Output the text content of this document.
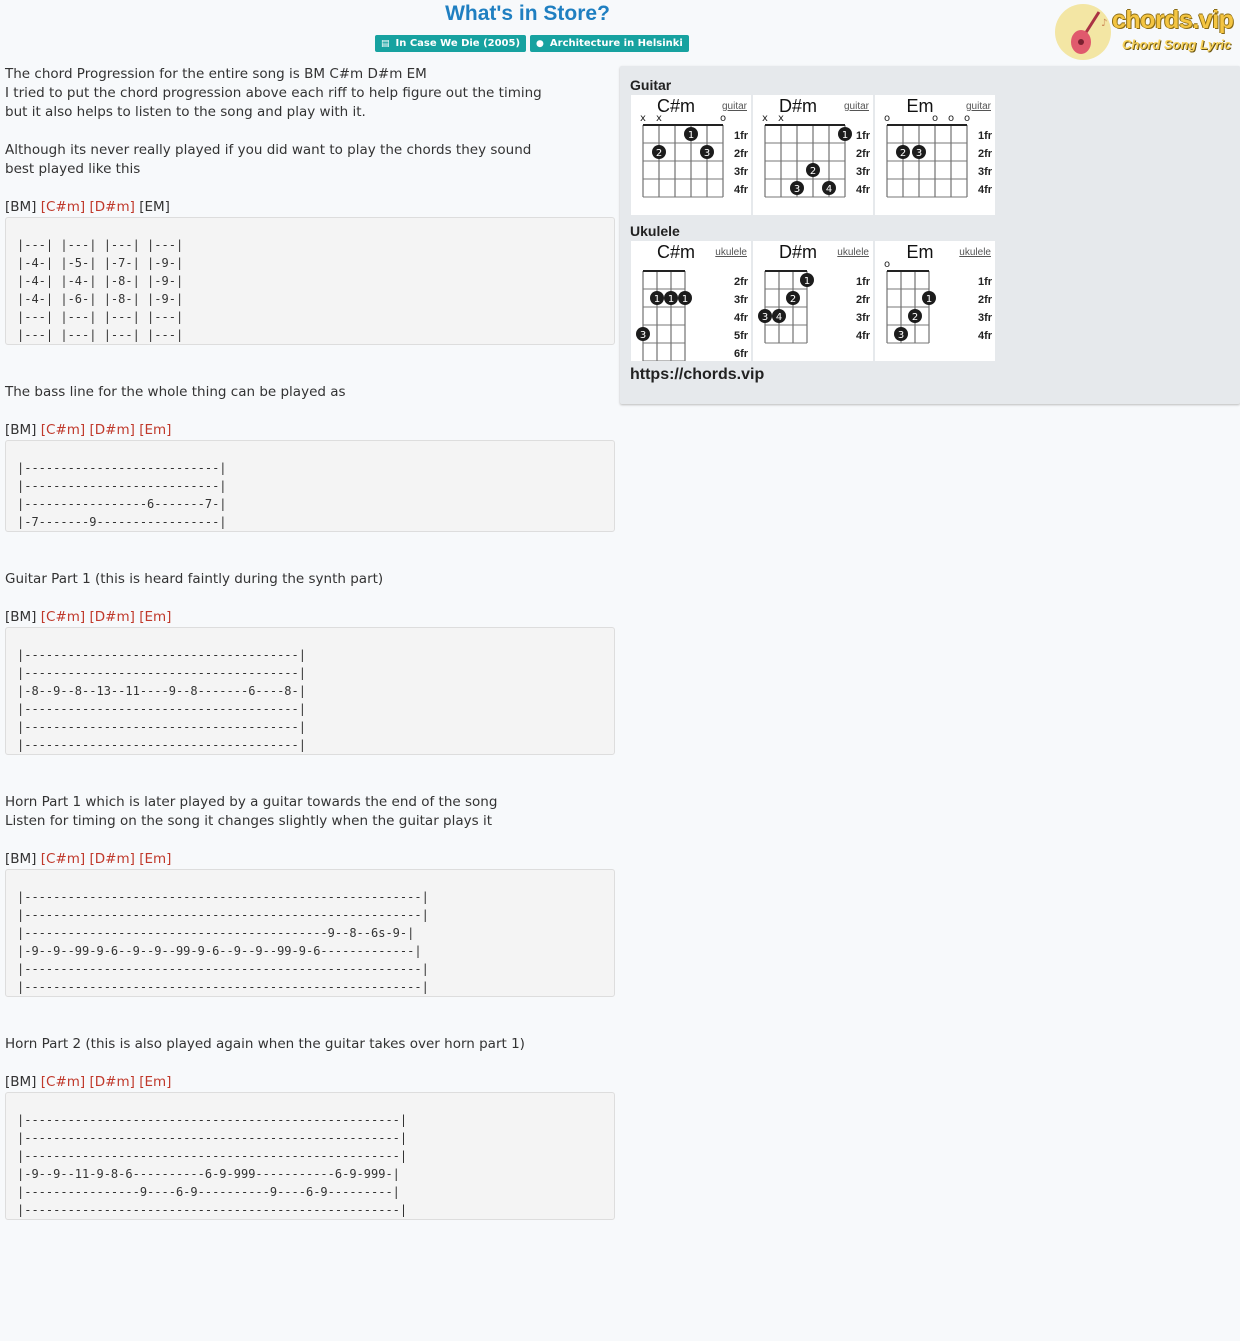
What's in Store?
▤ In Case We Die (2005) ● Architecture in Helsinki
♪ chords.vip
Chord Song Lyric

The chord Progression for the entire song is BM C#m D#m EM

I tried to put the chord progression above each riff to help figure out the timing

but it also helps to listen to the song and play with it.

Although its never really played if you did want to play the chords they sound

best played like this

[BM] [C#m] [D#m] [EM]

|---| |---| |---| |---|
|-4-| |-5-| |-7-| |-9-|
|-4-| |-4-| |-8-| |-9-|
|-4-| |-6-| |-8-| |-9-|
|---| |---| |---| |---|
|---| |---| |---| |---|

The bass line for the whole thing can be played as

[BM] [C#m] [D#m] [Em]

|---------------------------|
|---------------------------|
|-----------------6-------7-|
|-7-------9-----------------|

Guitar Part 1 (this is heard faintly during the synth part)

[BM] [C#m] [D#m] [Em]

|--------------------------------------|
|--------------------------------------|
|-8--9--8--13--11----9--8-------6----8-|
|--------------------------------------|
|--------------------------------------|
|--------------------------------------|

Horn Part 1 which is later played by a guitar towards the end of the song

Listen for timing on the song it changes slightly when the guitar plays it

[BM] [C#m] [D#m] [Em]

|-------------------------------------------------------|
|-------------------------------------------------------|
|------------------------------------------9--8--6s-9-|
|-9--9--99-9-6--9--9--99-9-6--9--9--99-9-6-------------|
|-------------------------------------------------------|
|-------------------------------------------------------|

Horn Part 2 (this is also played again when the guitar takes over horn part 1)

[BM] [C#m] [D#m] [Em]

|----------------------------------------------------|
|----------------------------------------------------|
|----------------------------------------------------|
|-9--9--11-9-8-6----------6-9-999-----------6-9-999-|
|----------------9----6-9----------9----6-9---------|
|----------------------------------------------------|

Guitar
1fr
2fr
3fr
4fr
x x	o
1
2	3
C#m	guitar
1fr
2fr
3fr
4fr
x x
1
2
3	4
D#m	guitar
1fr
2fr
3fr
4fr
o	o o o
2 3
Em	guitar
Ukulele
2fr
3fr
4fr
5fr
6fr
1 1 1
3
C#m	ukulele
1fr
2fr
3fr
4fr
1
2
3 4
D#m	ukulele
1fr
2fr
3fr
4fr
o
1
2
3
Em	ukulele
https://chords.vip
